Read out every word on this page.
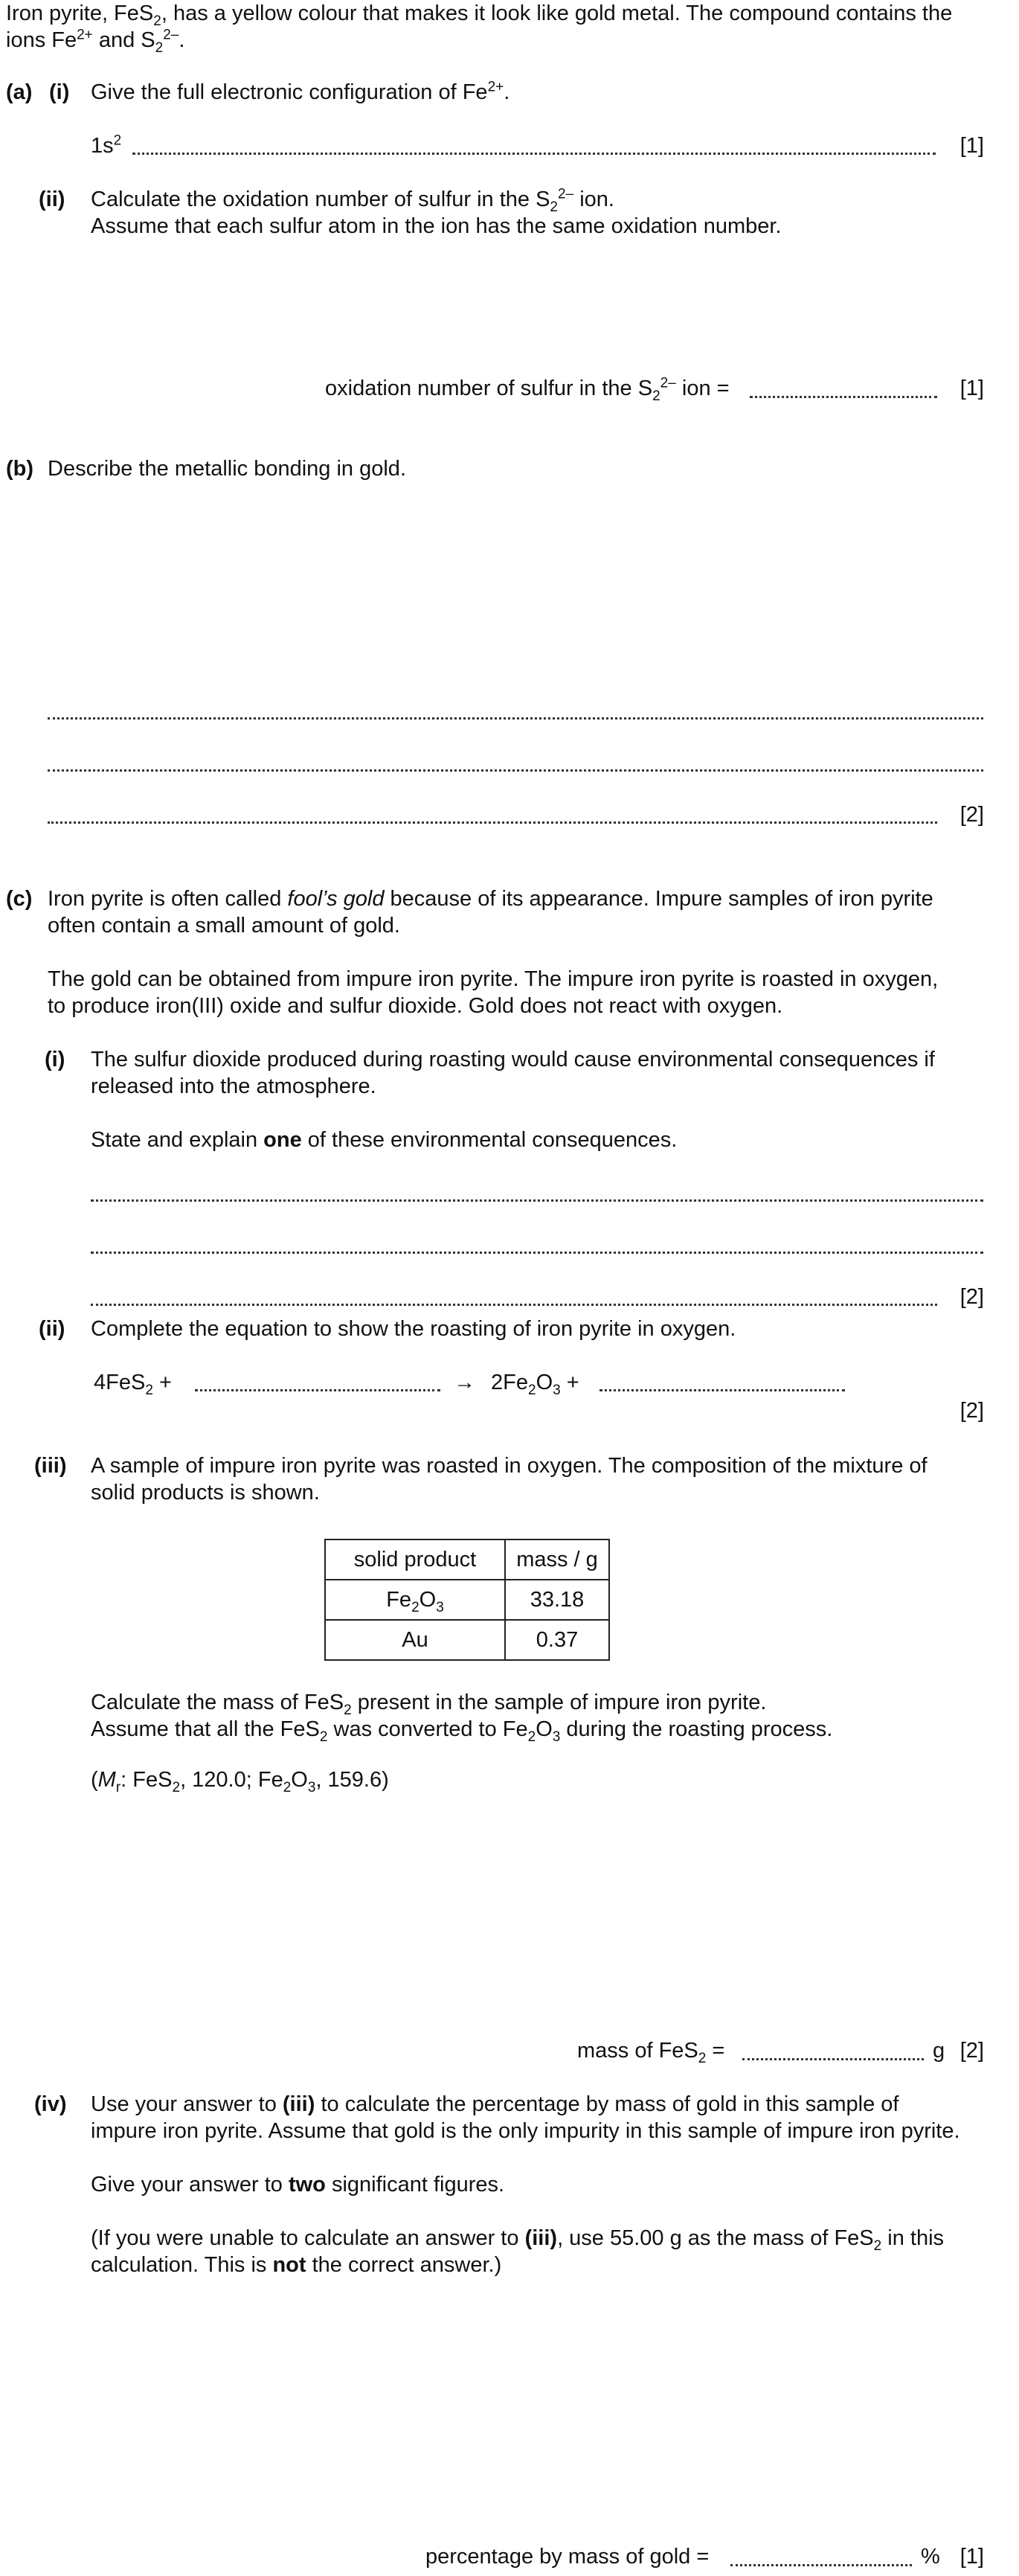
Iron pyrite, FeS$_2$, has a yellow colour that makes it look like gold metal. The compound contains the
ions $Fe^{2+}$ and $S_2^{2-}$.
(a) (i) Give the full electronic configuration of $Fe^{2+}$.
$1s^2$	[1]
(ii) Calculate the oxidation number of sulfur in the $S_2^{2-}$ ion.
Assume that each sulfur atom in the ion has the same oxidation number.
oxidation number of sulfur in the $S_2^{2-}$ ion =	[1]
(b) Describe the metallic bonding in gold.
[2]
(c) Iron pyrite is often called fool’s gold because of its appearance. Impure samples of iron pyrite
often contain a small amount of gold.
The gold can be obtained from impure iron pyrite. The impure iron pyrite is roasted in oxygen,
to produce iron(III) oxide and sulfur dioxide. Gold does not react with oxygen.
(i) The sulfur dioxide produced during roasting would cause environmental consequences if
released into the atmosphere.
State and explain one of these environmental consequences.
[2]
(ii) Complete the equation to show the roasting of iron pyrite in oxygen.
4FeS$_2$ +	→ $2Fe_2O_3$ +
[2]
(iii) A sample of impure iron pyrite was roasted in oxygen. The composition of the mixture of
solid products is shown.
solid product	mass / g
$Fe_2O_3$	33.18
Au	0.37
Calculate the mass of FeS$_2$ present in the sample of impure iron pyrite.
Assume that all the FeS$_2$ was converted to $Fe_2O_3$ during the roasting process.
($M_r$: FeS$_2$, 120.0; $Fe_2O_3$, 159.6)
mass of FeS$_2$ =	g [2]
(iv) Use your answer to (iii) to calculate the percentage by mass of gold in this sample of
impure iron pyrite. Assume that gold is the only impurity in this sample of impure iron pyrite.
Give your answer to two significant figures.
(If you were unable to calculate an answer to (iii), use 55.00 g as the mass of FeS$_2$ in this
calculation. This is not the correct answer.)
percentage by mass of gold =	% [1]
